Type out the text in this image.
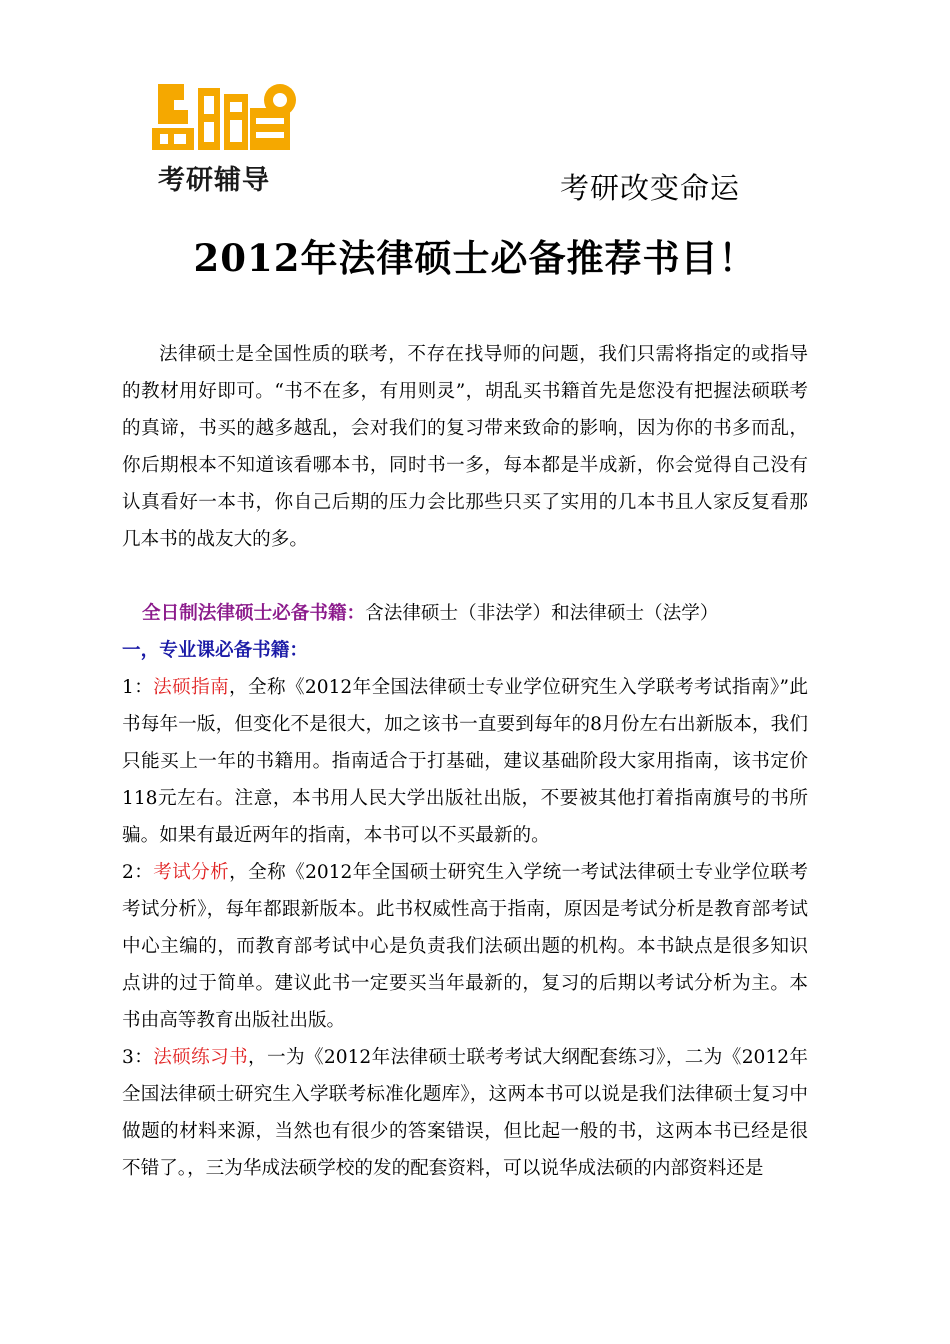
考研辅导	考研改变命运
2012年法律硕士必备推荐书目！

法律硕士是全国性质的联考，不存在找导师的问题，我们只需将指定的或指导的教材用好即可。“书不在多，有用则灵”，胡乱买书籍首先是您没有把握法硕联考的真谛，书买的越多越乱，会对我们的复习带来致命的影响，因为你的书多而乱，你后期根本不知道该看哪本书，同时书一多，每本都是半成新，你会觉得自己没有认真看好一本书，你自己后期的压力会比那些只买了实用的几本书且人家反复看那几本书的战友大的多。

全日制法律硕士必备书籍：含法律硕士（非法学）和法律硕士（法学）
一，专业课必备书籍：

1：法硕指南，全称《2012年全国法律硕士专业学位研究生入学联考考试指南》”此书每年一版，但变化不是很大，加之该书一直要到每年的8月份左右出新版本，我们只能买上一年的书籍用。指南适合于打基础，建议基础阶段大家用指南，该书定价118元左右。注意，本书用人民大学出版社出版，不要被其他打着指南旗号的书所骗。如果有最近两年的指南，本书可以不买最新的。

2：考试分析，全称《2012年全国硕士研究生入学统一考试法律硕士专业学位联考考试分析》，每年都跟新版本。此书权威性高于指南，原因是考试分析是教育部考试中心主编的，而教育部考试中心是负责我们法硕出题的机构。本书缺点是很多知识点讲的过于简单。建议此书一定要买当年最新的，复习的后期以考试分析为主。本书由高等教育出版社出版。

3：法硕练习书，一为《2012年法律硕士联考考试大纲配套练习》，二为《2012年全国法律硕士研究生入学联考标准化题库》，这两本书可以说是我们法律硕士复习中做题的材料来源，当然也有很少的答案错误，但比起一般的书，这两本书已经是很不错了。，三为华成法硕学校的发的配套资料，可以说华成法硕的内部资料还是
